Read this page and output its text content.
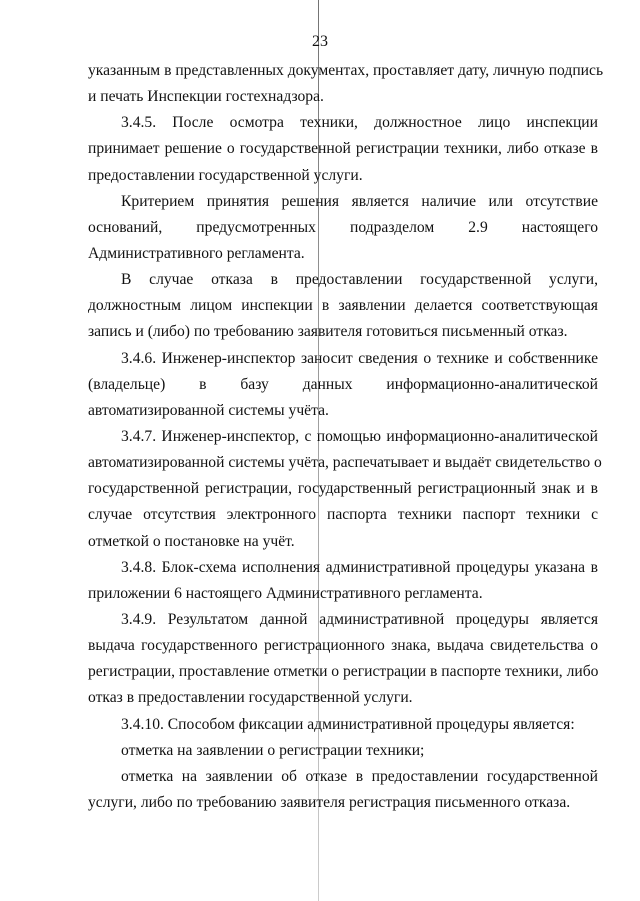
23
указанным в представленных документах, проставляет дату, личную подпись
и печать Инспекции гостехнадзора.
3.4.5. После осмотра техники, должностное лицо инспекции
принимает решение о государственной регистрации техники, либо отказе в
предоставлении государственной услуги.
Критерием принятия решения является наличие или отсутствие
оснований, предусмотренных подразделом 2.9 настоящего
Административного регламента.
В случае отказа в предоставлении государственной услуги,
должностным лицом инспекции в заявлении делается соответствующая
запись и (либо) по требованию заявителя готовиться письменный отказ.
3.4.6. Инженер-инспектор заносит сведения о технике и собственнике
(владельце) в базу данных информационно-аналитической
автоматизированной системы учёта.
3.4.7. Инженер-инспектор, с помощью информационно-аналитической
автоматизированной системы учёта, распечатывает и выдаёт свидетельство о
государственной регистрации, государственный регистрационный знак и в
случае отсутствия электронного паспорта техники паспорт техники с
отметкой о постановке на учёт.
3.4.8. Блок-схема исполнения административной процедуры указана в
приложении 6 настоящего Административного регламента.
3.4.9. Результатом данной административной процедуры является
выдача государственного регистрационного знака, выдача свидетельства о
регистрации, проставление отметки о регистрации в паспорте техники, либо
отказ в предоставлении государственной услуги.
3.4.10. Способом фиксации административной процедуры является:
отметка на заявлении о регистрации техники;
отметка на заявлении об отказе в предоставлении государственной
услуги, либо по требованию заявителя регистрация письменного отказа.
